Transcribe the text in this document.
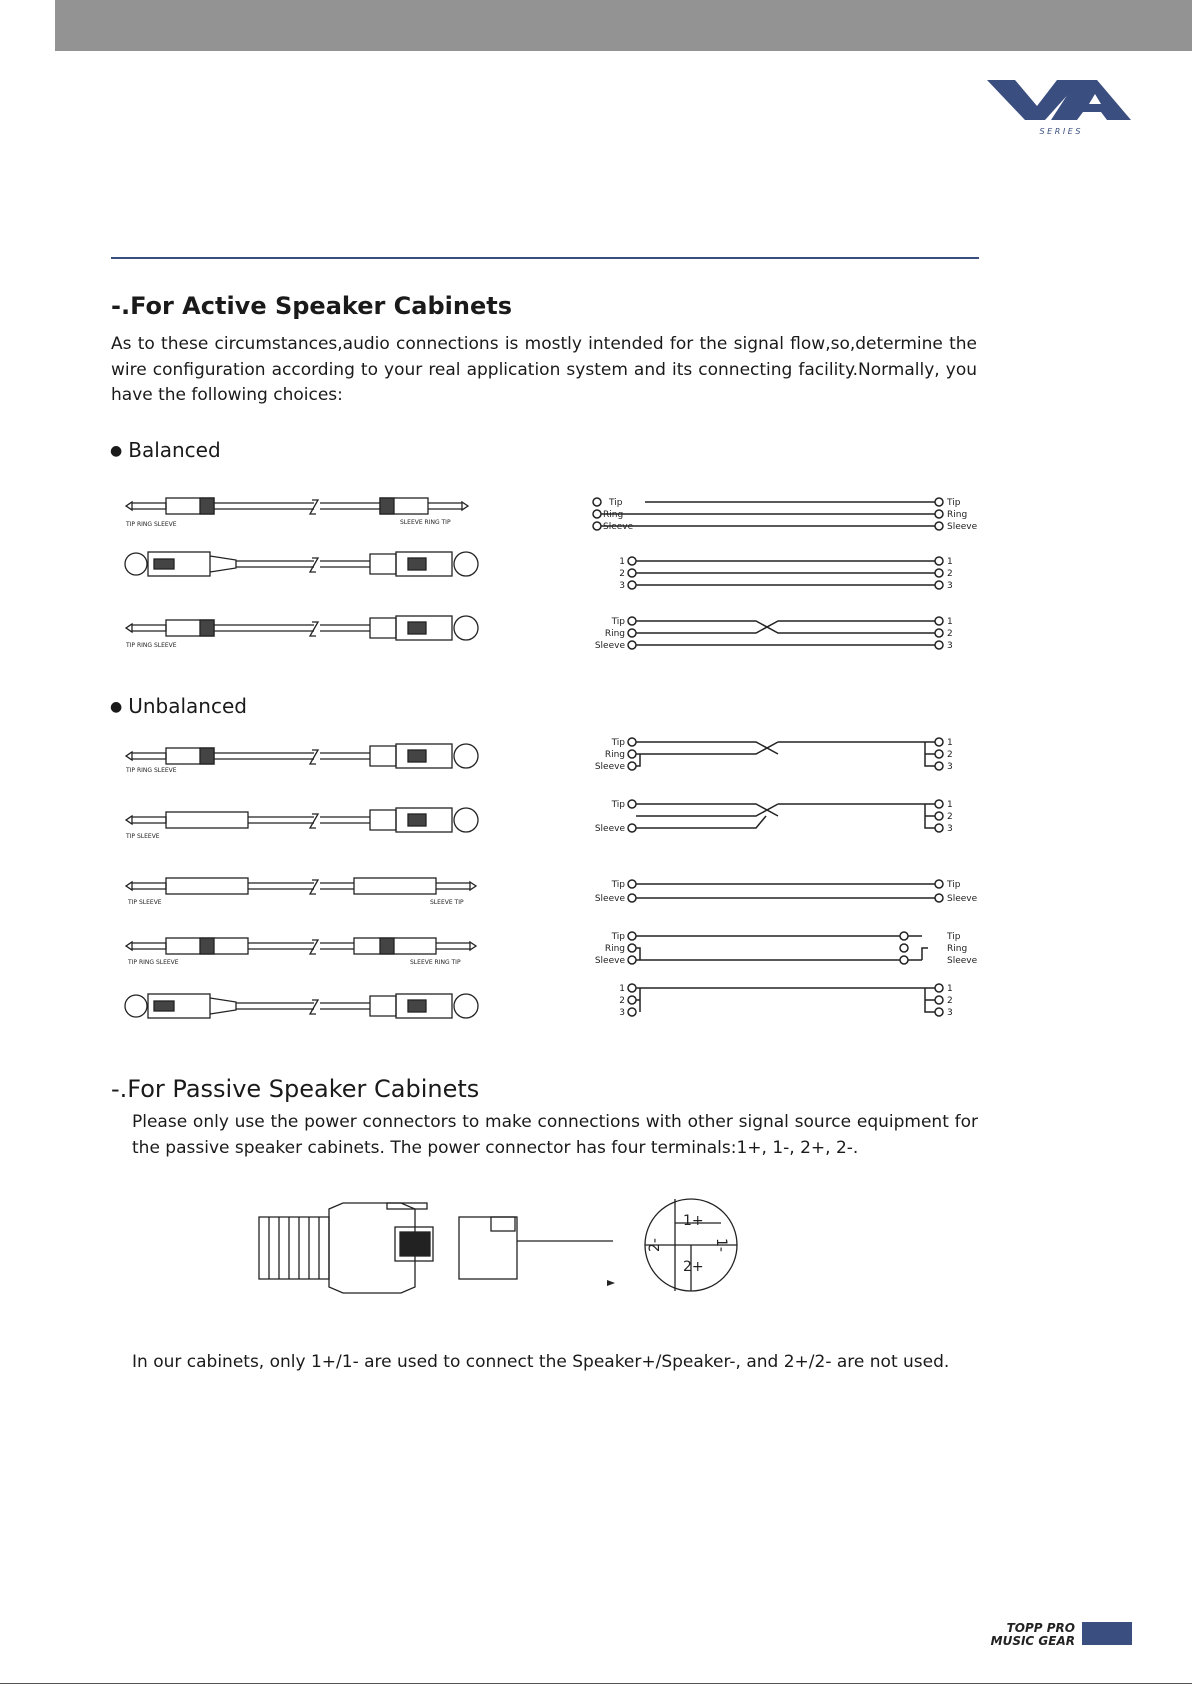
S E R I E S
-.For Active Speaker Cabinets
As to these circumstances,audio connections is mostly intended for the signal flow,so,determine the wire configuration according to your real application system and its connecting facility.Normally, you have the following choices:
● Balanced
TIP RING SLEEVE	SLEEVE RING TIP
TIP RING SLEEVE
Tip
Ring
Sleeve
Tip
Ring
Sleeve
1
2
3
1
2
3
Tip
Ring
Sleeve
1
2
3
● Unbalanced
TIP RING SLEEVE
TIP SLEEVE
TIP SLEEVE	SLEEVE TIP
TIP RING SLEEVE	SLEEVE RING TIP
Tip
Ring
Sleeve
1
2
3
Tip
Sleeve
1
2
3
Tip
Sleeve
Tip
Sleeve
Tip
Ring
Sleeve
Tip
Ring
Sleeve
1
2
3
1
2
3
-.For Passive Speaker Cabinets
Please only use the power connectors to make connections with other signal source equipment for the passive speaker cabinets. The power connector has four terminals:1+, 1-, 2+, 2-.
1+
1-
2+
2-
In our cabinets, only 1+/1- are used to connect the Speaker+/Speaker-, and 2+/2- are not used.
TOPP PRO
MUSIC GEAR
